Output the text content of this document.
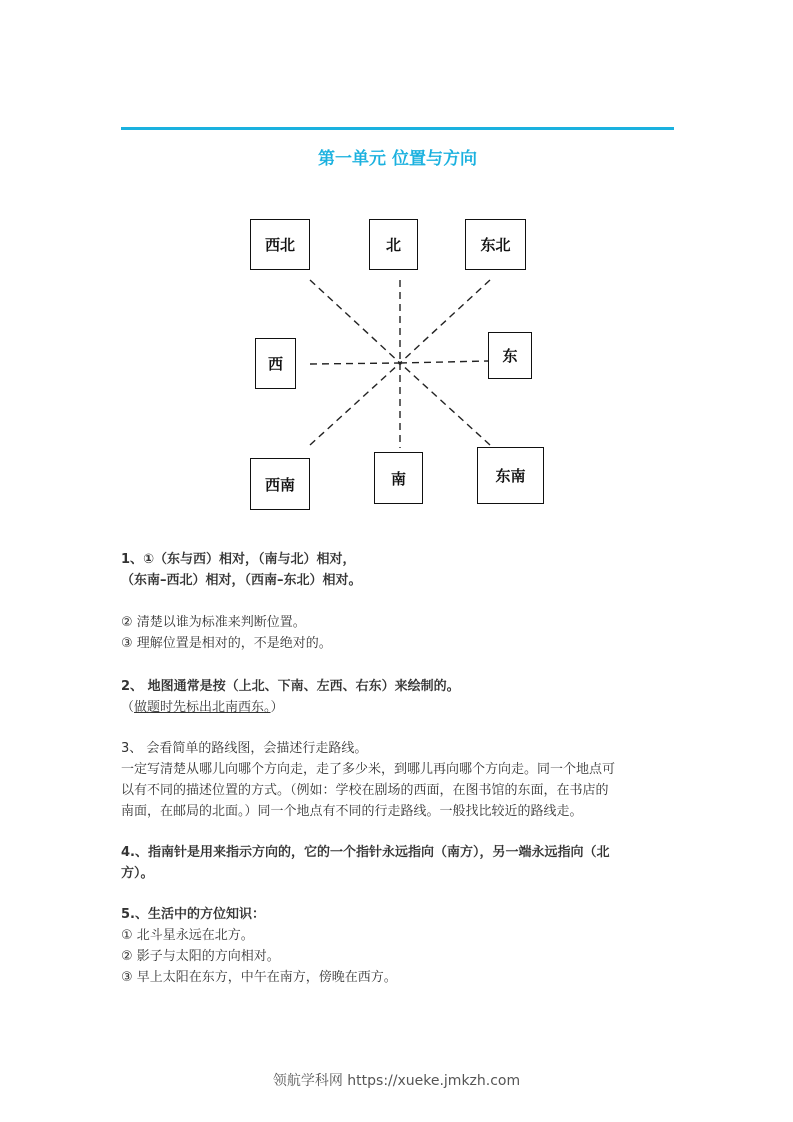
第一单元 位置与方向
西北	北	东北
西	东
西南	南	东南

1、①（东与西）相对，（南与北）相对，

（东南–西北）相对，（西南–东北）相对。

② 清楚以谁为标准来判断位置。

③ 理解位置是相对的，不是绝对的。

2、 地图通常是按（上北、下南、左西、右东）来绘制的。

（做题时先标出北南西东。）

3、 会看简单的路线图，会描述行走路线。

一定写清楚从哪儿向哪个方向走，走了多少米，到哪儿再向哪个方向走。同一个地点可

以有不同的描述位置的方式。（例如：学校在剧场的西面，在图书馆的东面，在书店的

南面，在邮局的北面。）同一个地点有不同的行走路线。一般找比较近的路线走。

4.、指南针是用来指示方向的，它的一个指针永远指向（南方），另一端永远指向（北

方）。

5.、生活中的方位知识：

① 北斗星永远在北方。

② 影子与太阳的方向相对。

③ 早上太阳在东方，中午在南方，傍晚在西方。

领航学科网 https://xueke.jmkzh.com
